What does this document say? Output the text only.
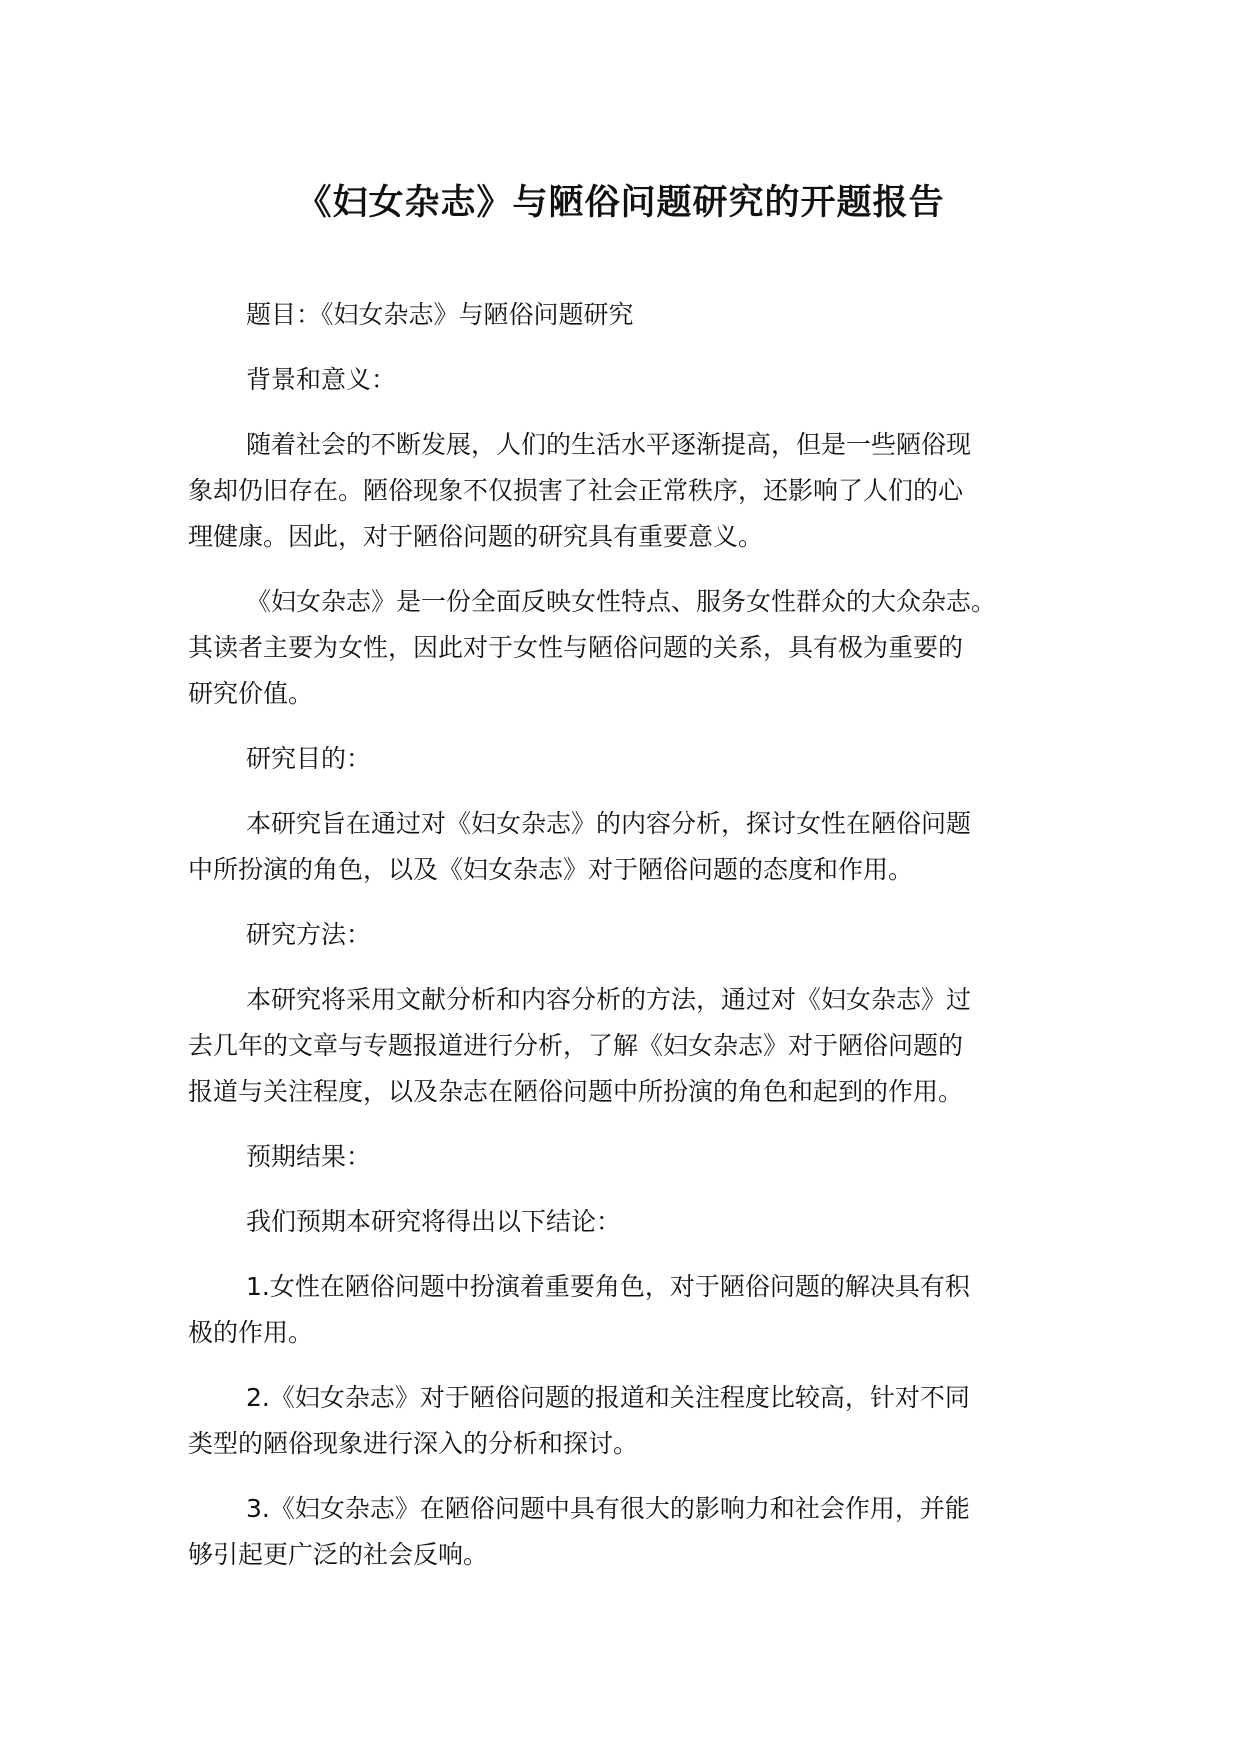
《妇女杂志》与陋俗问题研究的开题报告

题目：《妇女杂志》与陋俗问题研究

背景和意义：

随着社会的不断发展，人们的生活水平逐渐提高，但是一些陋俗现
象却仍旧存在。陋俗现象不仅损害了社会正常秩序，还影响了人们的心
理健康。因此，对于陋俗问题的研究具有重要意义。

《妇女杂志》是一份全面反映女性特点、服务女性群众的大众杂志。
其读者主要为女性，因此对于女性与陋俗问题的关系，具有极为重要的
研究价值。

研究目的：

本研究旨在通过对《妇女杂志》的内容分析，探讨女性在陋俗问题
中所扮演的角色，以及《妇女杂志》对于陋俗问题的态度和作用。

研究方法：

本研究将采用文献分析和内容分析的方法，通过对《妇女杂志》过
去几年的文章与专题报道进行分析，了解《妇女杂志》对于陋俗问题的
报道与关注程度，以及杂志在陋俗问题中所扮演的角色和起到的作用。

预期结果：

我们预期本研究将得出以下结论：

1.女性在陋俗问题中扮演着重要角色，对于陋俗问题的解决具有积
极的作用。

2.《妇女杂志》对于陋俗问题的报道和关注程度比较高，针对不同
类型的陋俗现象进行深入的分析和探讨。

3.《妇女杂志》在陋俗问题中具有很大的影响力和社会作用，并能
够引起更广泛的社会反响。
